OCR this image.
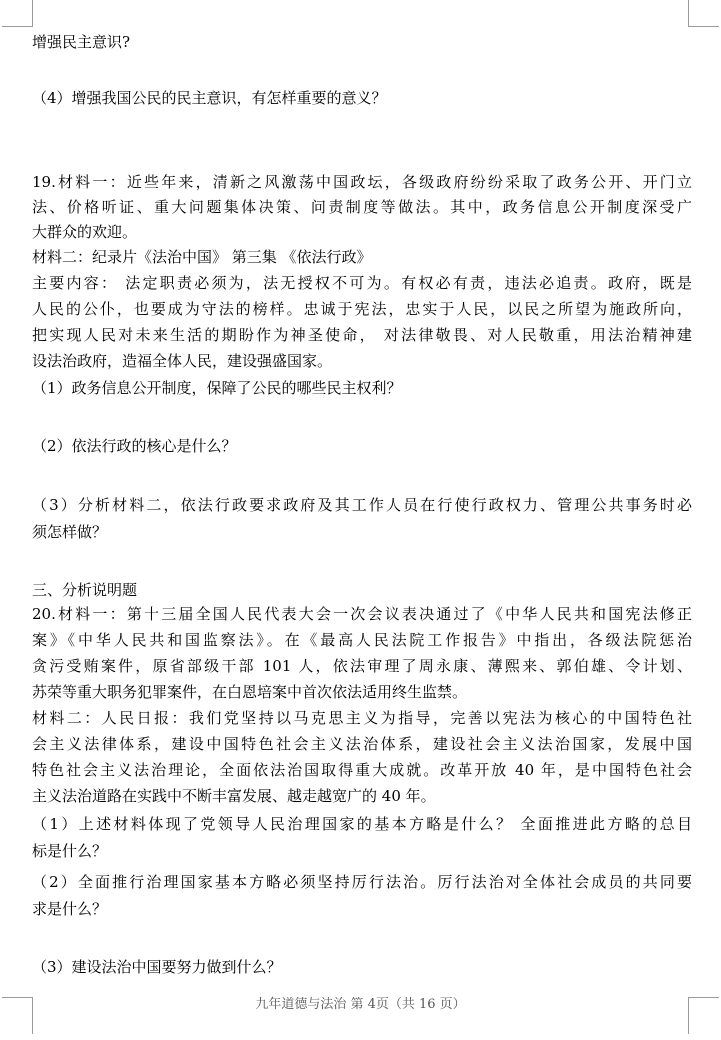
增强民主意识?
（4）增强我国公民的民主意识，有怎样重要的意义？
19.材料一：近些年来，清新之风激荡中国政坛，各级政府纷纷采取了政务公开、开门立
法、价格听证、重大问题集体决策、问责制度等做法。其中，政务信息公开制度深受广
大群众的欢迎。
材料二：纪录片《法治中国》 第三集 《依法行政》
主要内容： 法定职责必须为，法无授权不可为。有权必有责，违法必追责。政府，既是
人民的公仆，也要成为守法的榜样。忠诚于宪法，忠实于人民，以民之所望为施政所向，
把实现人民对未来生活的期盼作为神圣使命， 对法律敬畏、对人民敬重，用法治精神建
设法治政府，造福全体人民，建设强盛国家。
（1）政务信息公开制度，保障了公民的哪些民主权利？
（2）依法行政的核心是什么？
（3）分析材料二，依法行政要求政府及其工作人员在行使行政权力、管理公共事务时必
须怎样做？
三、分析说明题
20.材料一：第十三届全国人民代表大会一次会议表决通过了《中华人民共和国宪法修正
案》《中华人民共和国监察法》。在《最高人民法院工作报告》中指出，各级法院惩治
贪污受贿案件，原省部级干部 101 人，依法审理了周永康、薄熙来、郭伯雄、令计划、
苏荣等重大职务犯罪案件，在白恩培案中首次依法适用终生监禁。
材料二：人民日报：我们党坚持以马克思主义为指导，完善以宪法为核心的中国特色社
会主义法律体系，建设中国特色社会主义法治体系，建设社会主义法治国家，发展中国
特色社会主义法治理论，全面依法治国取得重大成就。改革开放 40 年，是中国特色社会
主义法治道路在实践中不断丰富发展、越走越宽广的 40 年。
（1）上述材料体现了党领导人民治理国家的基本方略是什么？ 全面推进此方略的总目
标是什么？
（2）全面推行治理国家基本方略必须坚持厉行法治。厉行法治对全体社会成员的共同要
求是什么？
（3）建设法治中国要努力做到什么？
九年道德与法治 第 4页（共 16 页）
